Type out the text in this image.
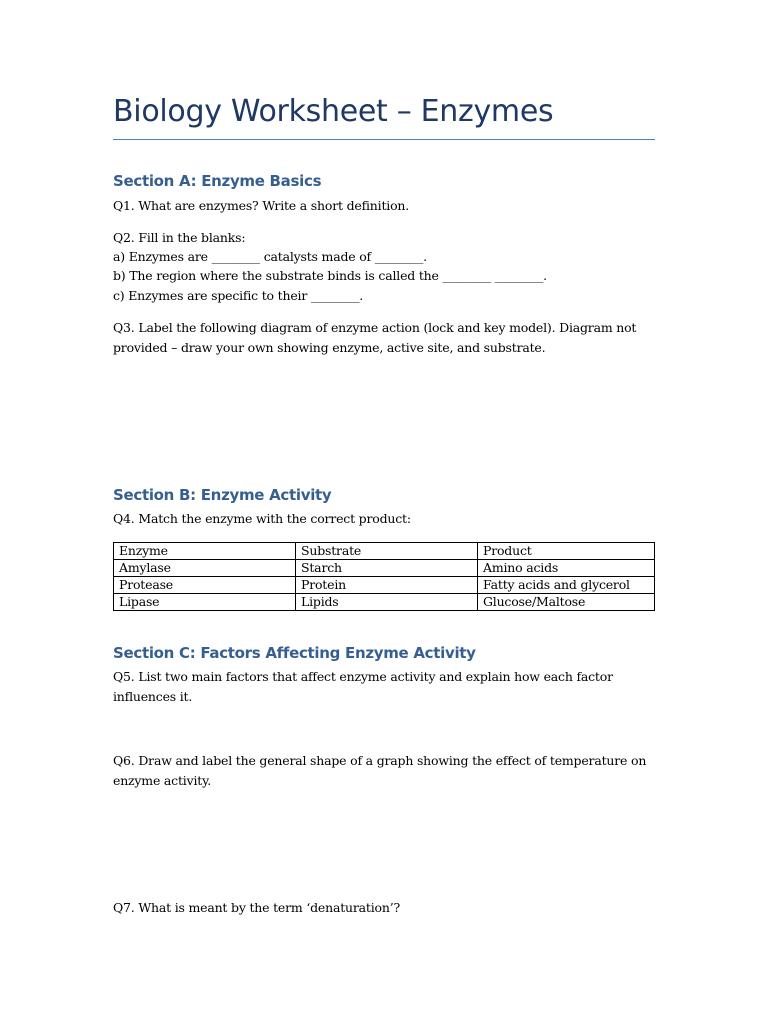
Biology Worksheet – Enzymes
Section A: Enzyme Basics
Q1. What are enzymes? Write a short definition.
Q2. Fill in the blanks:
a) Enzymes are ________ catalysts made of ________.
b) The region where the substrate binds is called the ________ ________.
c) Enzymes are specific to their ________.
Q3. Label the following diagram of enzyme action (lock and key model). Diagram not provided – draw your own showing enzyme, active site, and substrate.
Section B: Enzyme Activity
Q4. Match the enzyme with the correct product:
Enzyme	Substrate	Product
Amylase	Starch	Amino acids
Protease	Protein	Fatty acids and glycerol
Lipase	Lipids	Glucose/Maltose
Section C: Factors Affecting Enzyme Activity
Q5. List two main factors that affect enzyme activity and explain how each factor influences it.
Q6. Draw and label the general shape of a graph showing the effect of temperature on enzyme activity.
Q7. What is meant by the term ‘denaturation’?
